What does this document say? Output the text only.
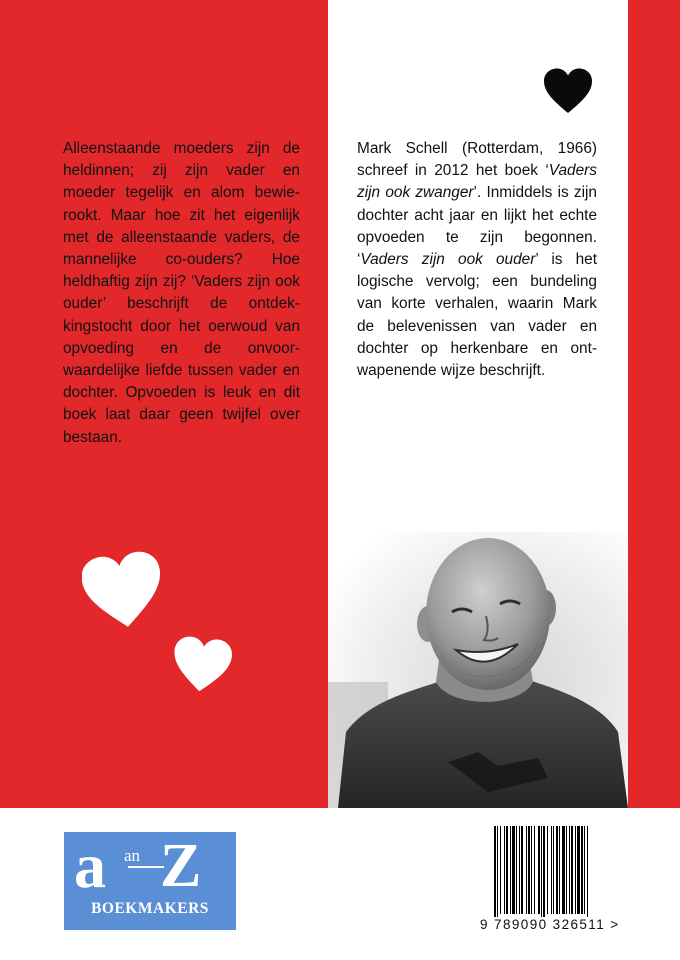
Alleenstaande moeders zijn de heldinnen; zij zijn vader en moeder tegelijk en alom bewie-rookt. Maar hoe zit het eigenlijk met de alleenstaande vaders, de mannelijke co-ouders? Hoe heldhaftig zijn zij? ‘Vaders zijn ook ouder’ beschrijft de ontdek-kingstocht door het oerwoud van opvoeding en de onvoor-waardelijke liefde tussen vader en dochter. Opvoeden is leuk en dit boek laat daar geen twijfel over bestaan.
Mark Schell (Rotterdam, 1966) schreef in 2012 het boek ‘Vaders zijn ook zwanger’. Inmiddels is zijn dochter acht jaar en lijkt het echte opvoeden te zijn begonnen. ‘Vaders zijn ook ouder’ is het logische vervolg; een bundeling van korte verhalen, waarin Mark de belevenissen van vader en dochter op herkenbare en ont-wapenende wijze beschrijft.
a an Z
BOEKMAKERS
9 789090 326511 >
